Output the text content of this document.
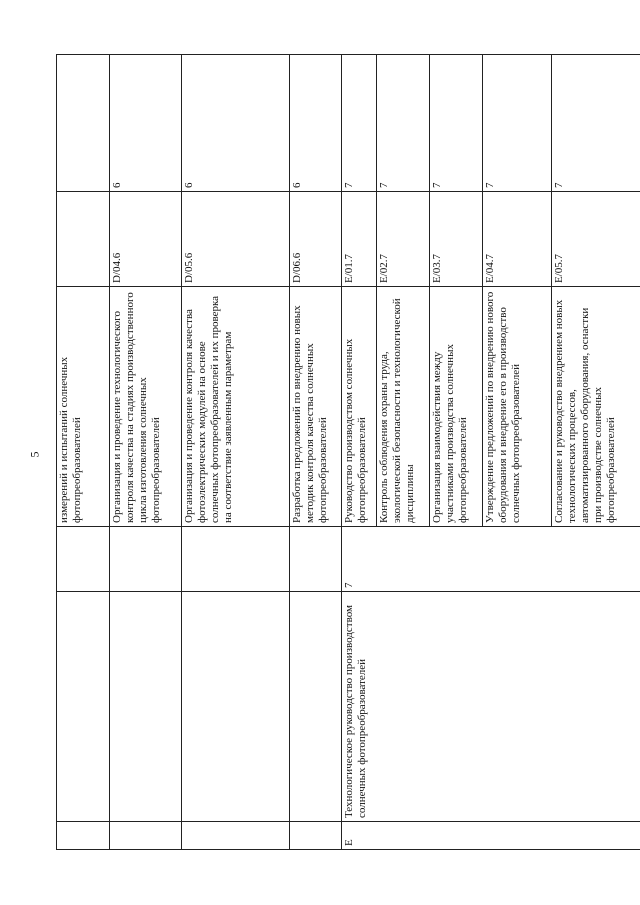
5
			измерений и испытаний солнечных фотопреобразователей		
			Организация и проведение технологического контроля качества на стадиях производственного цикла изготовления солнечных фотопреобразователей	D/04.6	6
			Организация и проведение контроля качества фотоэлектрических модулей на основе солнечных фотопреобразователей и их проверка на соответствие заявленным параметрам	D/05.6	6
			Разработка предложений по внедрению новых методик контроля качества солнечных фотопреобразователей	D/06.6	6
E	Технологическое руководство производством солнечных фотопреобразователей	7	Руководство производством солнечных фотопреобразователей	E/01.7	7
			Контроль соблюдения охраны труда, экологической безопасности и технологической дисциплины	E/02.7	7
			Организация взаимодействия между участниками производства солнечных фотопреобразователей	E/03.7	7
			Утверждение предложений по внедрению нового оборудования и внедрение его в производство солнечных фотопреобразователей	E/04.7	7
			Согласование и руководство внедрением новых технологических процессов, автоматизированного оборудования, оснастки при производстве солнечных фотопреобразователей	E/05.7	7
